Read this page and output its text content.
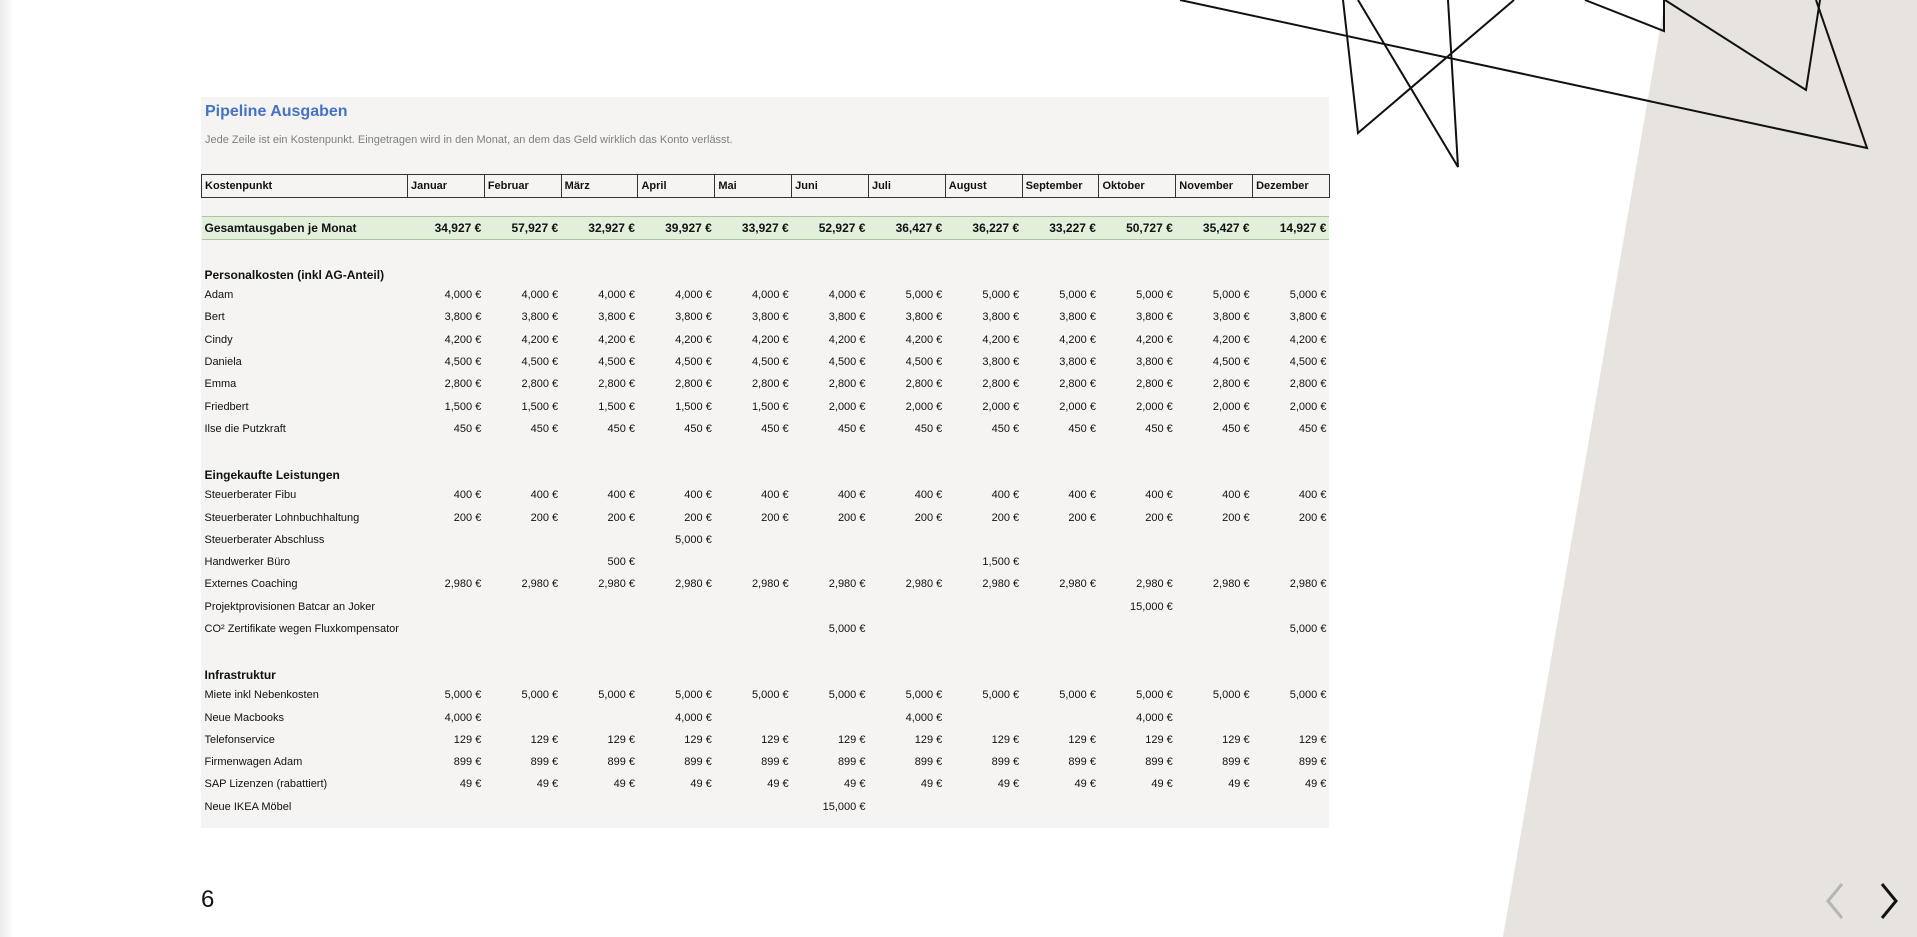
Pipeline Ausgaben

Jede Zeile ist ein Kostenpunkt. Eingetragen wird in den Monat, an dem das Geld wirklich das Konto verlässt.

Kostenpunkt	Januar	Februar	März	April	Mai	Juni	Juli	August	September	Oktober	November	Dezember

Gesamtausgaben je Monat	34,927 €	57,927 €	32,927 €	39,927 €	33,927 €	52,927 €	36,427 €	36,227 €	33,227 €	50,727 €	35,427 €	14,927 €

Personalkosten (inkl AG-Anteil)												
Adam	4,000 €	4,000 €	4,000 €	4,000 €	4,000 €	4,000 €	5,000 €	5,000 €	5,000 €	5,000 €	5,000 €	5,000 €
Bert	3,800 €	3,800 €	3,800 €	3,800 €	3,800 €	3,800 €	3,800 €	3,800 €	3,800 €	3,800 €	3,800 €	3,800 €
Cindy	4,200 €	4,200 €	4,200 €	4,200 €	4,200 €	4,200 €	4,200 €	4,200 €	4,200 €	4,200 €	4,200 €	4,200 €
Daniela	4,500 €	4,500 €	4,500 €	4,500 €	4,500 €	4,500 €	4,500 €	3,800 €	3,800 €	3,800 €	4,500 €	4,500 €
Emma	2,800 €	2,800 €	2,800 €	2,800 €	2,800 €	2,800 €	2,800 €	2,800 €	2,800 €	2,800 €	2,800 €	2,800 €
Friedbert	1,500 €	1,500 €	1,500 €	1,500 €	1,500 €	2,000 €	2,000 €	2,000 €	2,000 €	2,000 €	2,000 €	2,000 €
Ilse die Putzkraft	450 €	450 €	450 €	450 €	450 €	450 €	450 €	450 €	450 €	450 €	450 €	450 €

Eingekaufte Leistungen												
Steuerberater Fibu	400 €	400 €	400 €	400 €	400 €	400 €	400 €	400 €	400 €	400 €	400 €	400 €
Steuerberater Lohnbuchhaltung	200 €	200 €	200 €	200 €	200 €	200 €	200 €	200 €	200 €	200 €	200 €	200 €
Steuerberater Abschluss				5,000 €								
Handwerker Büro			500 €					1,500 €				
Externes Coaching	2,980 €	2,980 €	2,980 €	2,980 €	2,980 €	2,980 €	2,980 €	2,980 €	2,980 €	2,980 €	2,980 €	2,980 €
Projektprovisionen Batcar an Joker										15,000 €		
CO² Zertifikate wegen Fluxkompensator						5,000 €						5,000 €

Infrastruktur												
Miete inkl Nebenkosten	5,000 €	5,000 €	5,000 €	5,000 €	5,000 €	5,000 €	5,000 €	5,000 €	5,000 €	5,000 €	5,000 €	5,000 €
Neue Macbooks	4,000 €			4,000 €			4,000 €			4,000 €		
Telefonservice	129 €	129 €	129 €	129 €	129 €	129 €	129 €	129 €	129 €	129 €	129 €	129 €
Firmenwagen Adam	899 €	899 €	899 €	899 €	899 €	899 €	899 €	899 €	899 €	899 €	899 €	899 €
SAP Lizenzen (rabattiert)	49 €	49 €	49 €	49 €	49 €	49 €	49 €	49 €	49 €	49 €	49 €	49 €
Neue IKEA Möbel						15,000 €						

6
